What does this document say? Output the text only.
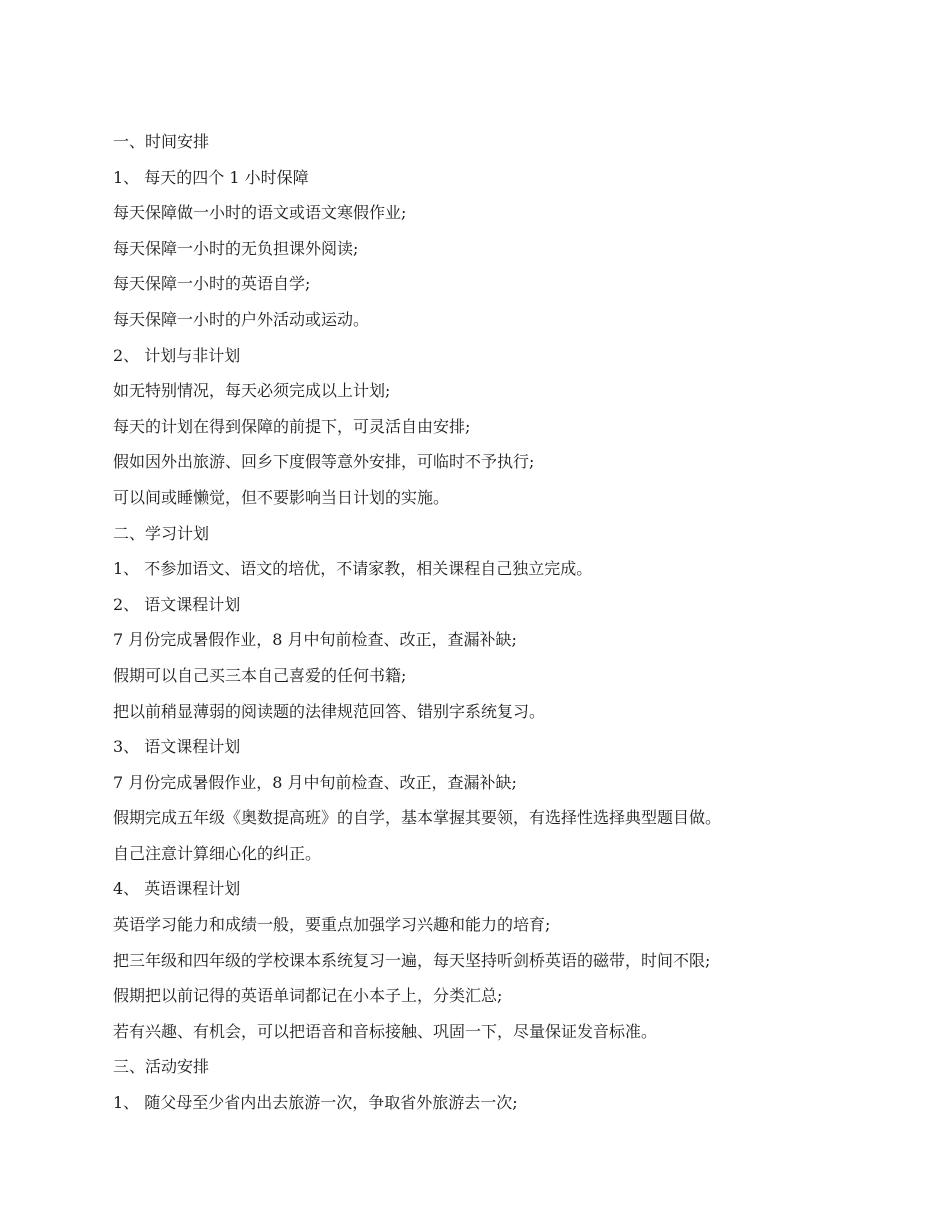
一、时间安排
1、 每天的四个 1 小时保障
每天保障做一小时的语文或语文寒假作业;
每天保障一小时的无负担课外阅读;
每天保障一小时的英语自学;
每天保障一小时的户外活动或运动。
2、 计划与非计划
如无特别情况，每天必须完成以上计划;
每天的计划在得到保障的前提下，可灵活自由安排;
假如因外出旅游、回乡下度假等意外安排，可临时不予执行;
可以间或睡懒觉，但不要影响当日计划的实施。
二、学习计划
1、 不参加语文、语文的培优，不请家教，相关课程自己独立完成。
2、 语文课程计划
7 月份完成暑假作业，8 月中旬前检查、改正，查漏补缺;
假期可以自己买三本自己喜爱的任何书籍;
把以前稍显薄弱的阅读题的法律规范回答、错别字系统复习。
3、 语文课程计划
7 月份完成暑假作业，8 月中旬前检查、改正，查漏补缺;
假期完成五年级《奥数提高班》的自学，基本掌握其要领，有选择性选择典型题目做。
自己注意计算细心化的纠正。
4、 英语课程计划
英语学习能力和成绩一般，要重点加强学习兴趣和能力的培育;
把三年级和四年级的学校课本系统复习一遍，每天坚持听剑桥英语的磁带，时间不限;
假期把以前记得的英语单词都记在小本子上，分类汇总;
若有兴趣、有机会，可以把语音和音标接触、巩固一下，尽量保证发音标准。
三、活动安排
1、 随父母至少省内出去旅游一次，争取省外旅游去一次;
